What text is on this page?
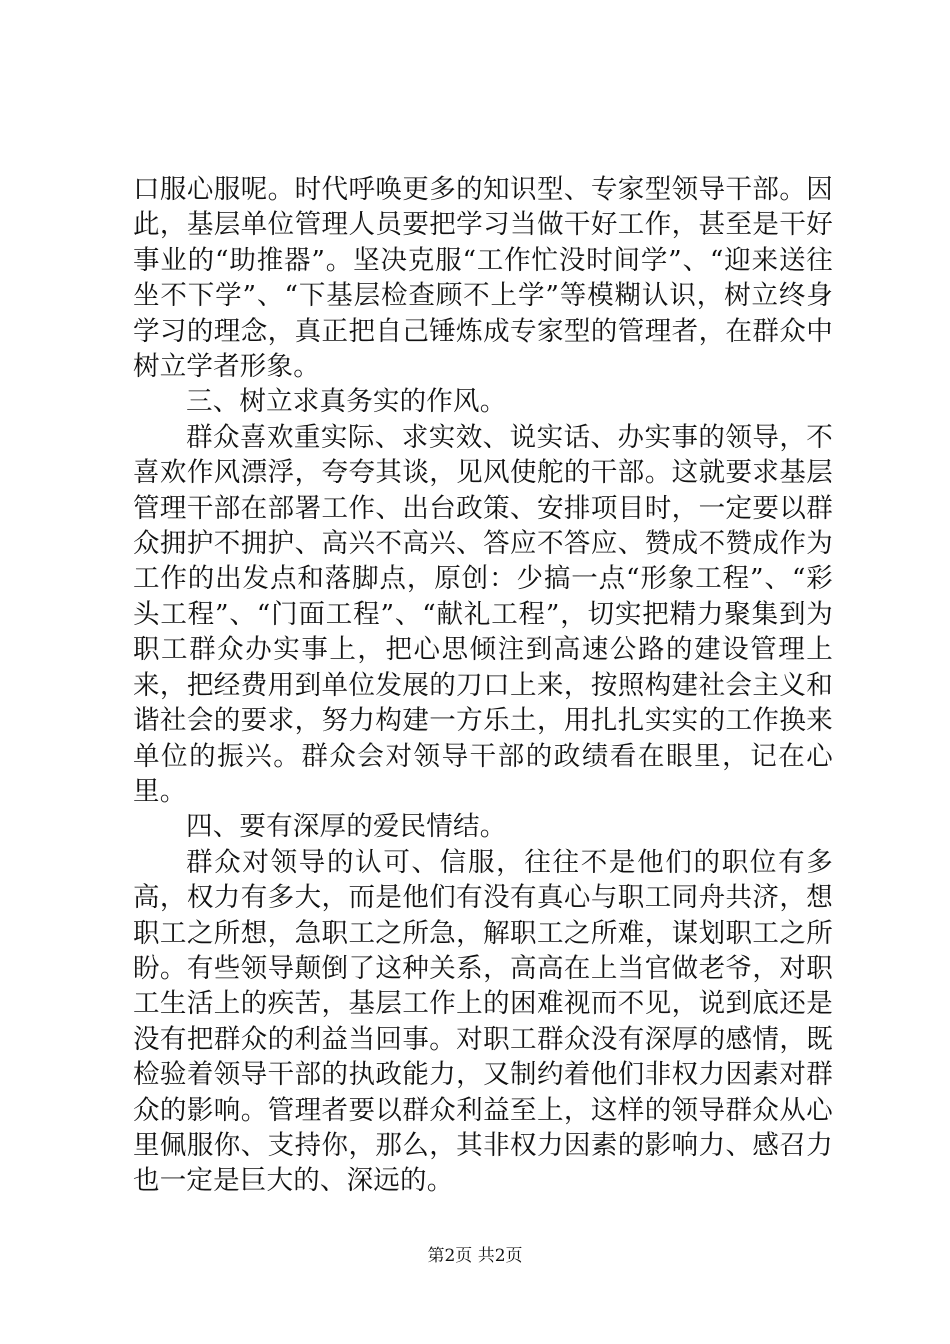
口服心服呢。时代呼唤更多的知识型、专家型领导干部。因此，基层单位管理人员要把学习当做干好工作，甚至是干好事业的“助推器”。坚决克服“工作忙没时间学”、“迎来送往坐不下学”、“下基层检查顾不上学”等模糊认识，树立终身学习的理念，真正把自己锤炼成专家型的管理者，在群众中树立学者形象。

三、树立求真务实的作风。

群众喜欢重实际、求实效、说实话、办实事的领导，不喜欢作风漂浮，夸夸其谈，见风使舵的干部。这就要求基层管理干部在部署工作、出台政策、安排项目时，一定要以群众拥护不拥护、高兴不高兴、答应不答应、赞成不赞成作为工作的出发点和落脚点，原创：少搞一点“形象工程”、“彩头工程”、“门面工程”、“献礼工程”，切实把精力聚集到为职工群众办实事上，把心思倾注到高速公路的建设管理上来，把经费用到单位发展的刀口上来，按照构建社会主义和谐社会的要求，努力构建一方乐土，用扎扎实实的工作换来单位的振兴。群众会对领导干部的政绩看在眼里，记在心里。

四、要有深厚的爱民情结。

群众对领导的认可、信服，往往不是他们的职位有多高，权力有多大，而是他们有没有真心与职工同舟共济，想职工之所想，急职工之所急，解职工之所难，谋划职工之所盼。有些领导颠倒了这种关系，高高在上当官做老爷，对职工生活上的疾苦，基层工作上的困难视而不见，说到底还是没有把群众的利益当回事。对职工群众没有深厚的感情，既检验着领导干部的执政能力，又制约着他们非权力因素对群众的影响。管理者要以群众利益至上，这样的领导群众从心里佩服你、支持你，那么，其非权力因素的影响力、感召力也一定是巨大的、深远的。

第2页 共2页
